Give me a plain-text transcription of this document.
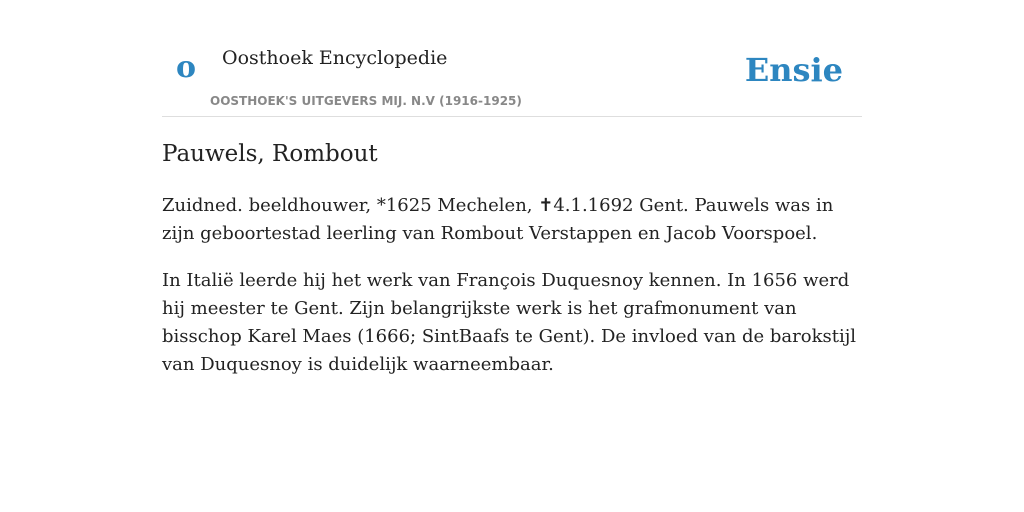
o Oosthoek Encyclopedie
OOSTHOEK'S UITGEVERS MIJ. N.V (1916-1925)
Ensie
Pauwels, Rombout

Zuidned. beeldhouwer, *1625 Mechelen, ✝4.1.1692 Gent. Pauwels was in zijn geboortestad leerling van Rombout Verstappen en Jacob Voorspoel.

In Italië leerde hij het werk van François Duquesnoy kennen. In 1656 werd hij meester te Gent. Zijn belangrijkste werk is het grafmonument van bisschop Karel Maes (1666; SintBaafs te Gent). De invloed van de barokstijl van Duquesnoy is duidelijk waarneembaar.
